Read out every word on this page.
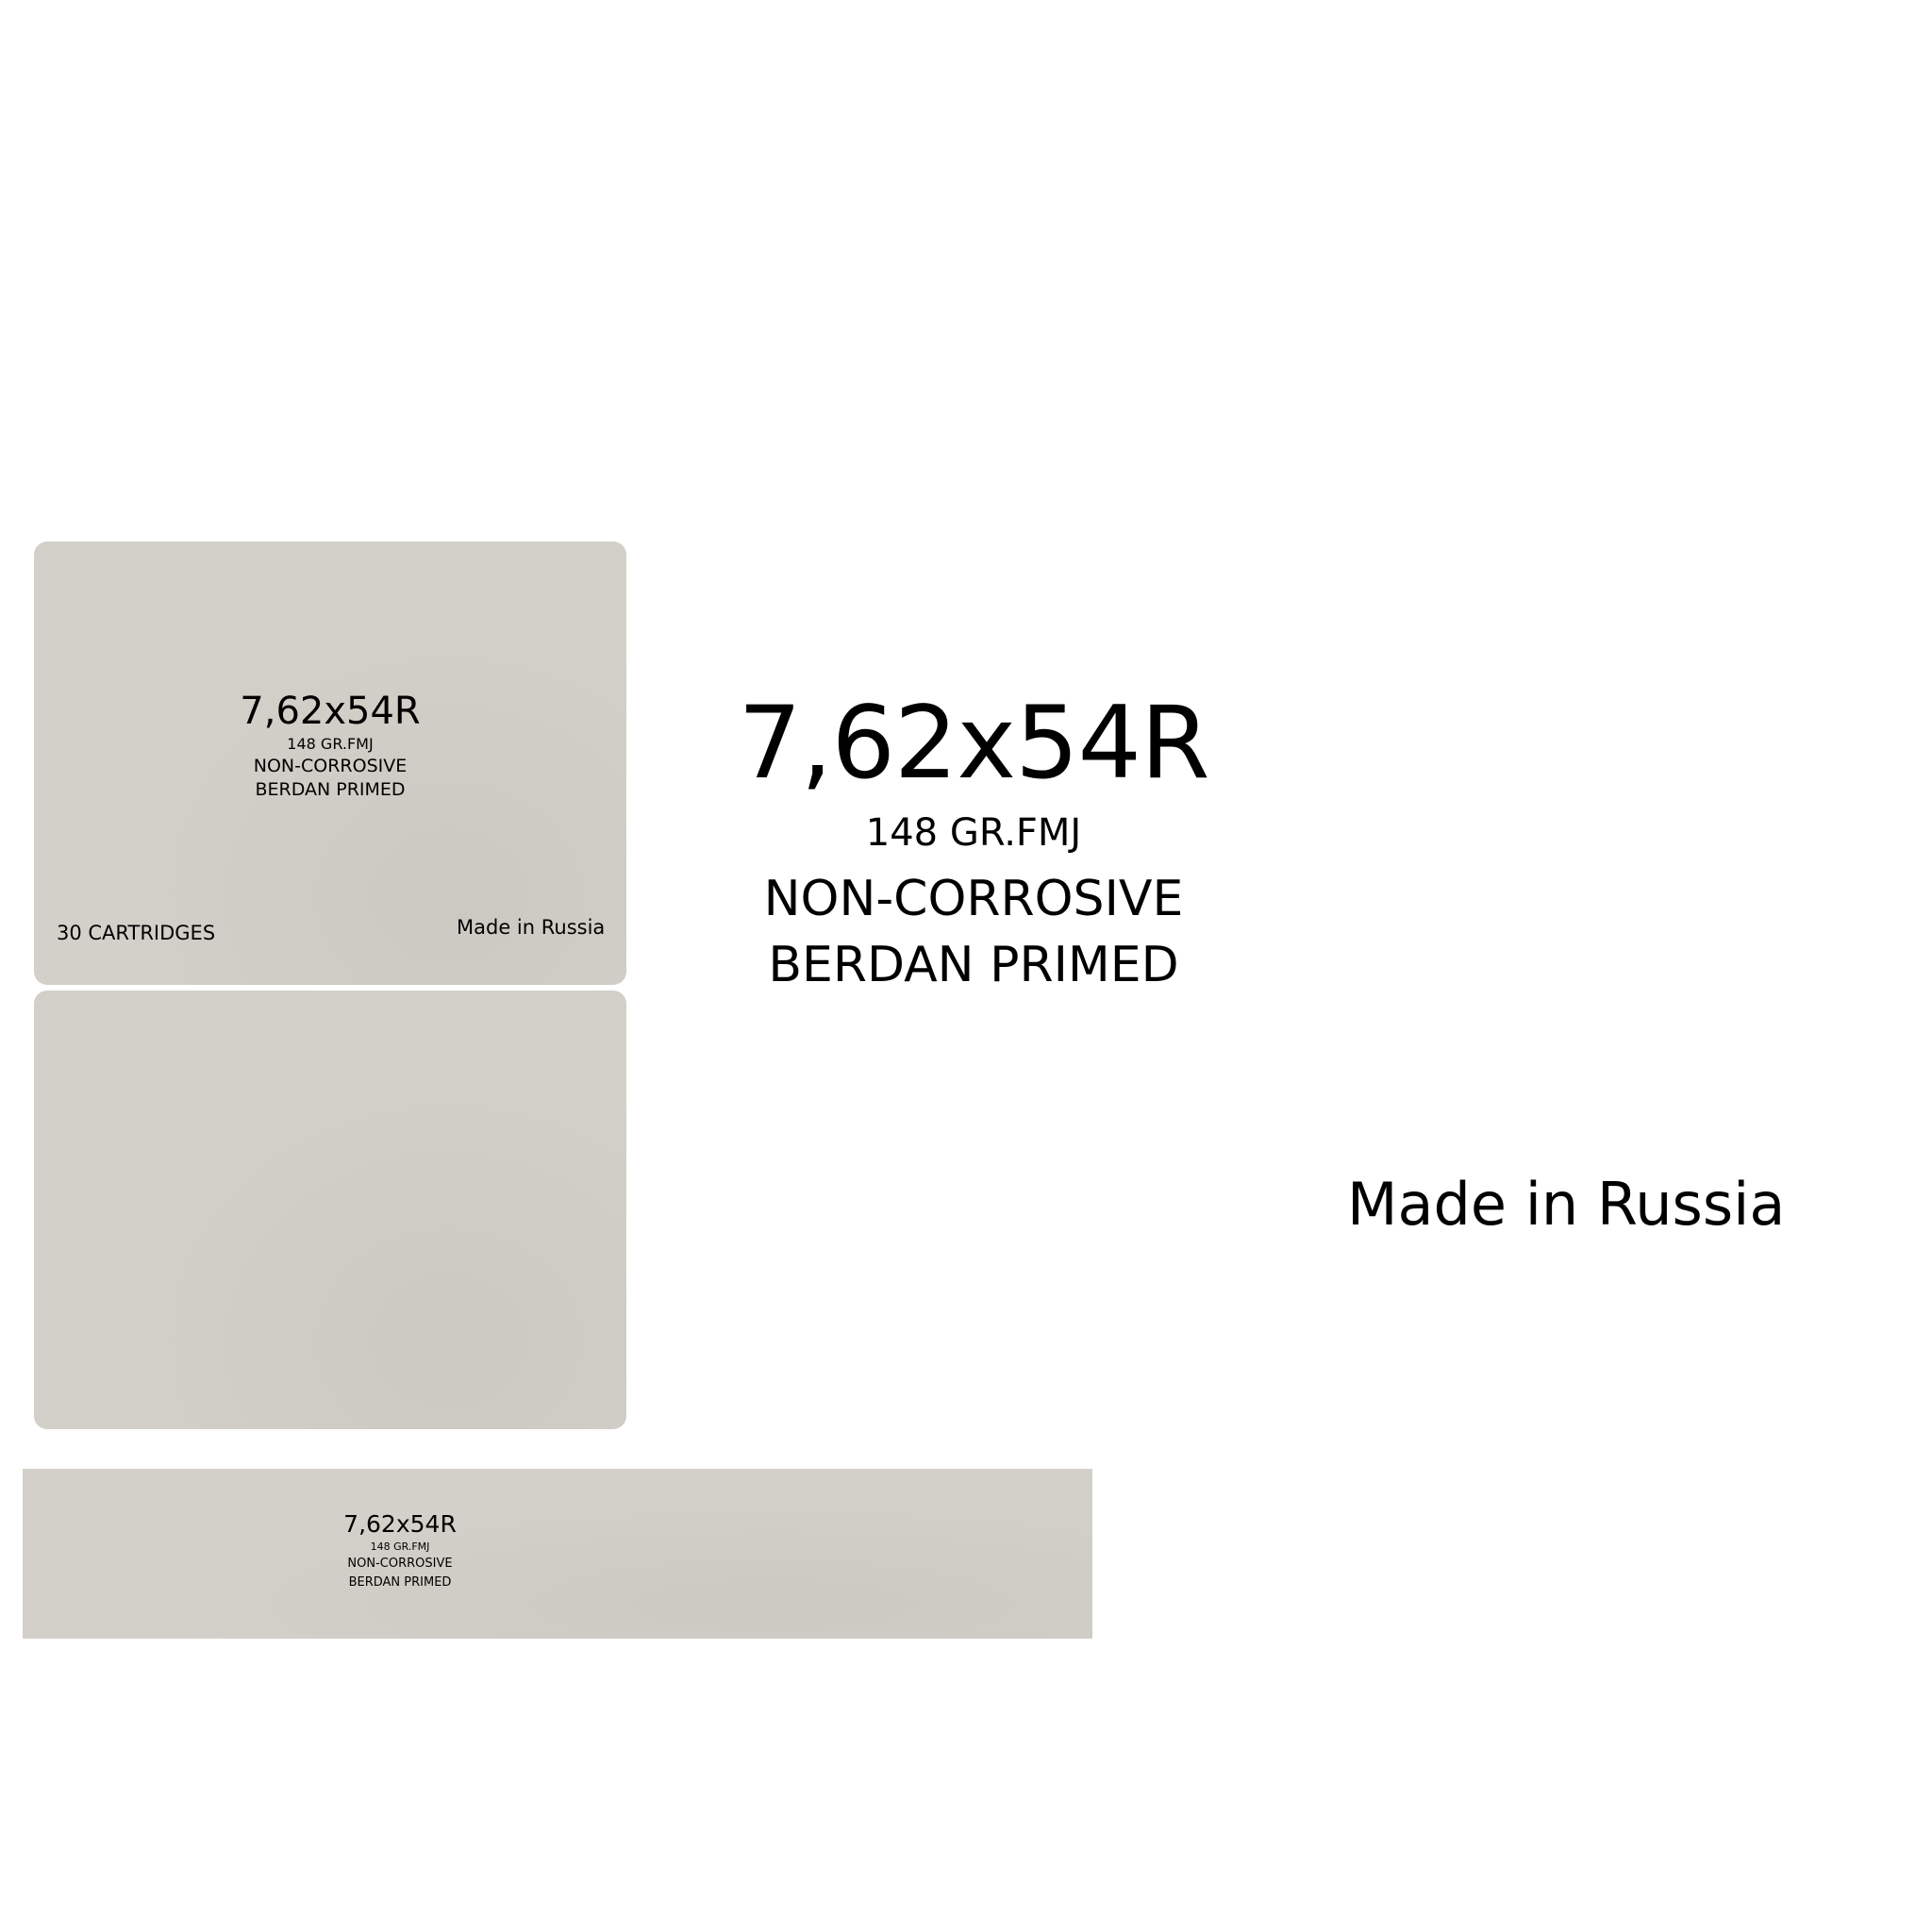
7,62x54R
148 GR.FMJ
NON-CORROSIVE
BERDAN PRIMED
30 CARTRIDGES	Made in Russia
7,62x54R
148 GR.FMJ
NON-CORROSIVE
BERDAN PRIMED
7,62x54R
148 GR.FMJ
NON-CORROSIVE
BERDAN PRIMED
Made in Russia
